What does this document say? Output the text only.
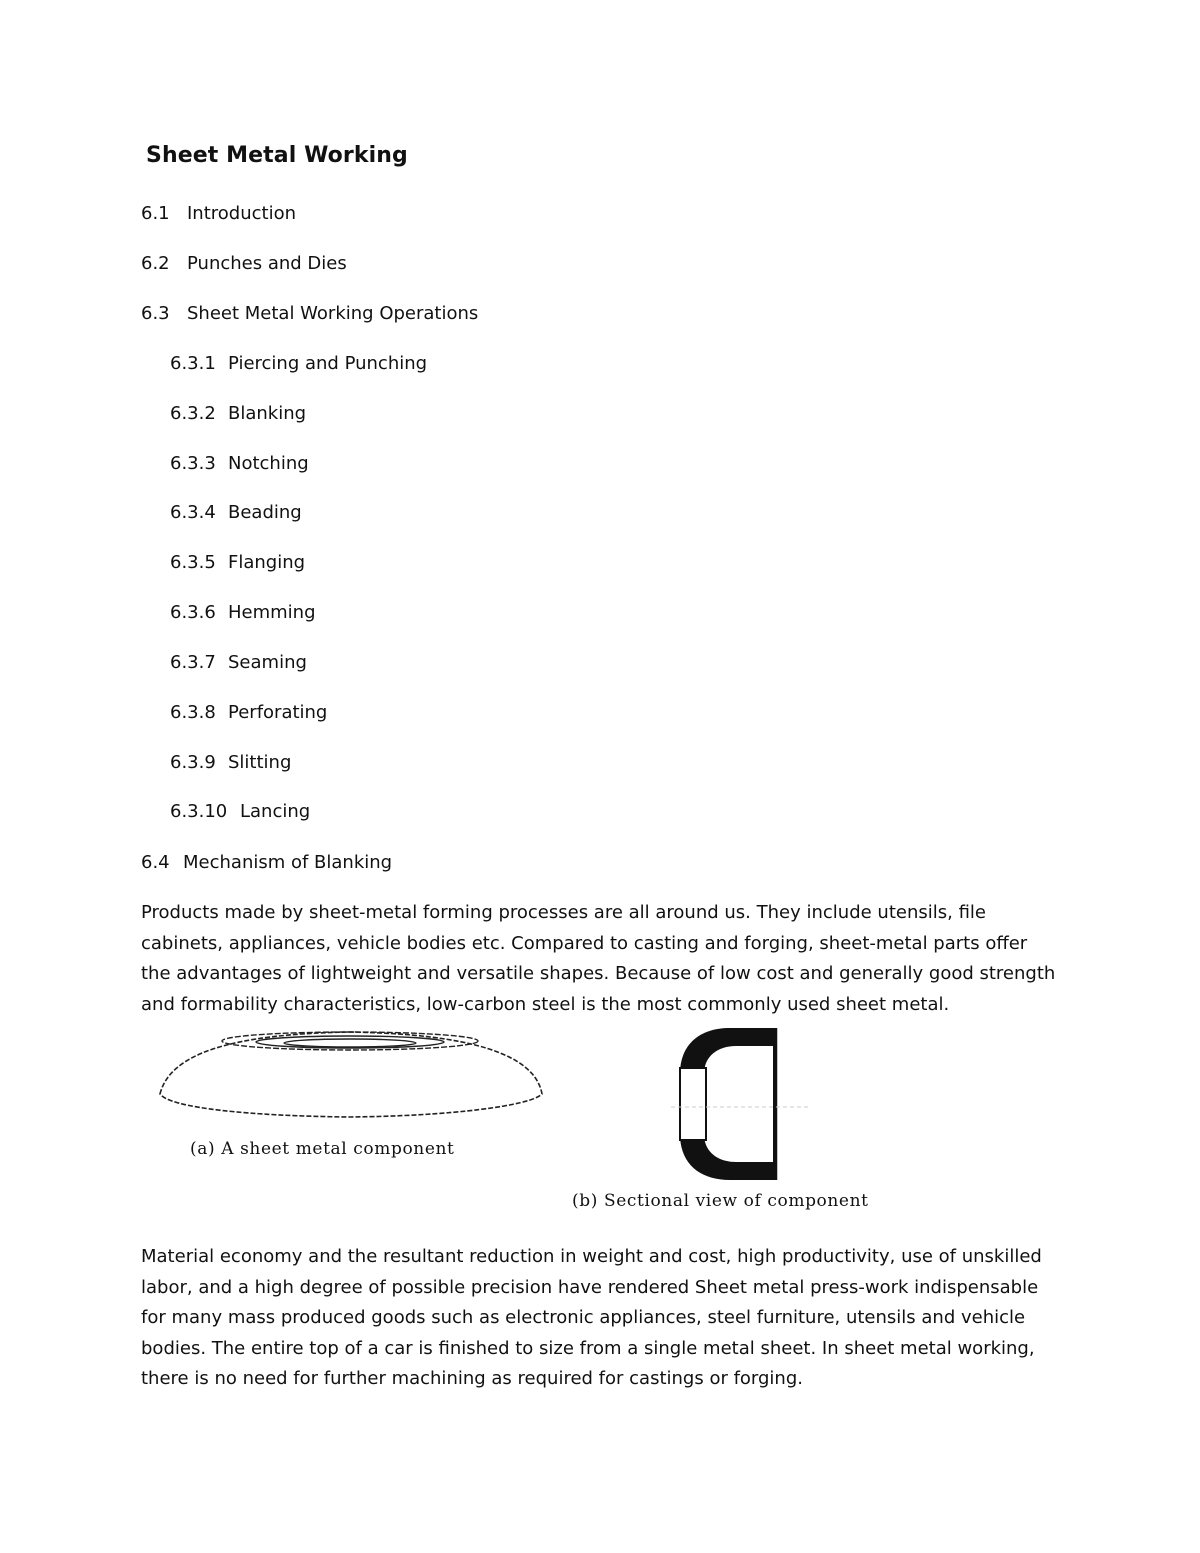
Sheet Metal Working
6.1 Introduction
6.2 Punches and Dies
6.3 Sheet Metal Working Operations
6.3.1 Piercing and Punching
6.3.2 Blanking
6.3.3 Notching
6.3.4 Beading
6.3.5 Flanging
6.3.6 Hemming
6.3.7 Seaming
6.3.8 Perforating
6.3.9 Slitting
6.3.10 Lancing
6.4 Mechanism of Blanking

Products made by sheet-metal forming processes are all around us. They include utensils, file cabinets, appliances, vehicle bodies etc. Compared to casting and forging, sheet-metal parts offer the advantages of lightweight and versatile shapes. Because of low cost and generally good strength and formability characteristics, low-carbon steel is the most commonly used sheet metal.

(a) A sheet metal component
(b) Sectional view of component

Material economy and the resultant reduction in weight and cost, high productivity, use of unskilled labor, and a high degree of possible precision have rendered Sheet metal press-work indispensable for many mass produced goods such as electronic appliances, steel furniture, utensils and vehicle bodies. The entire top of a car is finished to size from a single metal sheet. In sheet metal working, there is no need for further machining as required for castings or forging.
